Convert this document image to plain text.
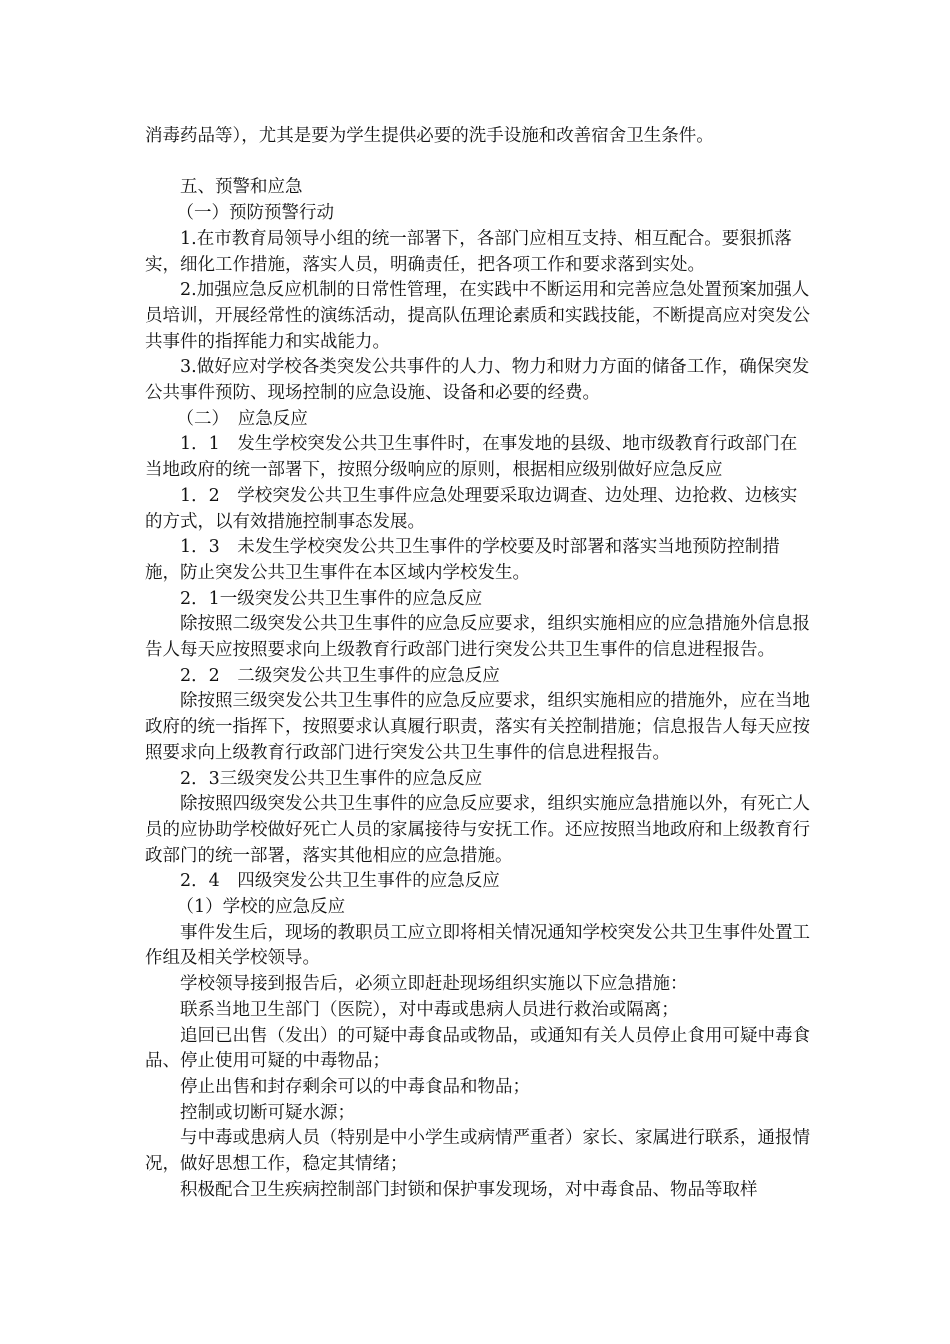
消毒药品等），尤其是要为学生提供必要的洗手设施和改善宿舍卫生条件。

五、预警和应急

（一）预防预警行动

1.在市教育局领导小组的统一部署下，各部门应相互支持、相互配合。要狠抓落实，细化工作措施，落实人员，明确责任，把各项工作和要求落到实处。

2.加强应急反应机制的日常性管理，在实践中不断运用和完善应急处置预案加强人员培训，开展经常性的演练活动，提高队伍理论素质和实践技能，不断提高应对突发公共事件的指挥能力和实战能力。

3.做好应对学校各类突发公共事件的人力、物力和财力方面的储备工作，确保突发公共事件预防、现场控制的应急设施、设备和必要的经费。

（二）　应急反应

1．1　发生学校突发公共卫生事件时，在事发地的县级、地市级教育行政部门在当地政府的统一部署下，按照分级响应的原则，根据相应级别做好应急反应

1．2　学校突发公共卫生事件应急处理要采取边调查、边处理、边抢救、边核实的方式，以有效措施控制事态发展。

1．3　未发生学校突发公共卫生事件的学校要及时部署和落实当地预防控制措施，防止突发公共卫生事件在本区域内学校发生。

2．1一级突发公共卫生事件的应急反应

除按照二级突发公共卫生事件的应急反应要求，组织实施相应的应急措施外信息报告人每天应按照要求向上级教育行政部门进行突发公共卫生事件的信息进程报告。

2．2　二级突发公共卫生事件的应急反应

除按照三级突发公共卫生事件的应急反应要求，组织实施相应的措施外，应在当地政府的统一指挥下，按照要求认真履行职责，落实有关控制措施；信息报告人每天应按照要求向上级教育行政部门进行突发公共卫生事件的信息进程报告。

2．3三级突发公共卫生事件的应急反应

除按照四级突发公共卫生事件的应急反应要求，组织实施应急措施以外，有死亡人员的应协助学校做好死亡人员的家属接待与安抚工作。还应按照当地政府和上级教育行政部门的统一部署，落实其他相应的应急措施。

2．4　四级突发公共卫生事件的应急反应

（1）学校的应急反应

事件发生后，现场的教职员工应立即将相关情况通知学校突发公共卫生事件处置工作组及相关学校领导。

学校领导接到报告后，必须立即赶赴现场组织实施以下应急措施：

联系当地卫生部门（医院），对中毒或患病人员进行救治或隔离；

追回已出售（发出）的可疑中毒食品或物品，或通知有关人员停止食用可疑中毒食品、停止使用可疑的中毒物品；

停止出售和封存剩余可以的中毒食品和物品；

控制或切断可疑水源；

与中毒或患病人员（特别是中小学生或病情严重者）家长、家属进行联系，通报情况，做好思想工作，稳定其情绪；

积极配合卫生疾病控制部门封锁和保护事发现场，对中毒食品、物品等取样
